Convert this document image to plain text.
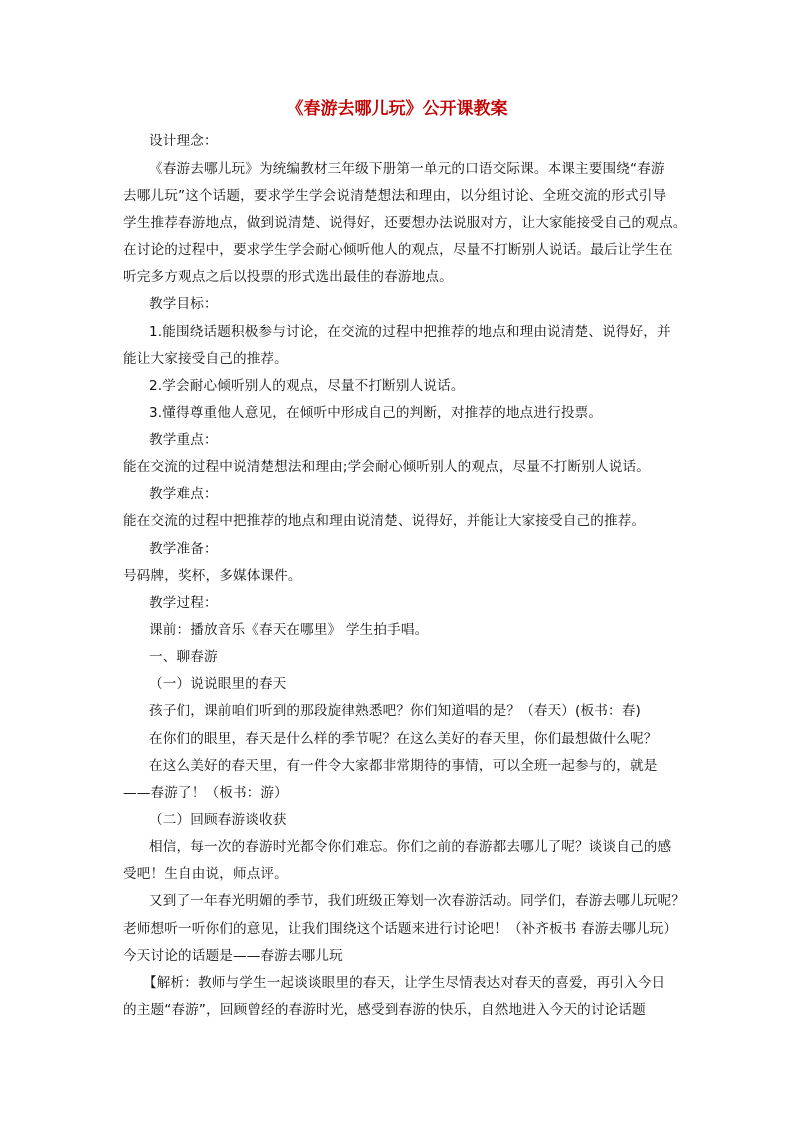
《春游去哪儿玩》公开课教案
设计理念：
《春游去哪儿玩》为统编教材三年级下册第一单元的口语交际课。本课主要围绕“春游
去哪儿玩”这个话题，要求学生学会说清楚想法和理由，以分组讨论、全班交流的形式引导
学生推荐春游地点，做到说清楚、说得好，还要想办法说服对方，让大家能接受自己的观点。
在讨论的过程中，要求学生学会耐心倾听他人的观点，尽量不打断别人说话。最后让学生在
听完多方观点之后以投票的形式选出最佳的春游地点。
教学目标：
1.能围绕话题积极参与讨论，在交流的过程中把推荐的地点和理由说清楚、说得好，并
能让大家接受自己的推荐。
2.学会耐心倾听别人的观点，尽量不打断别人说话。
3.懂得尊重他人意见，在倾听中形成自己的判断，对推荐的地点进行投票。
教学重点：
能在交流的过程中说清楚想法和理由;学会耐心倾听别人的观点，尽量不打断别人说话。
教学难点：
能在交流的过程中把推荐的地点和理由说清楚、说得好，并能让大家接受自己的推荐。
教学准备：
号码牌，奖杯，多媒体课件。
教学过程：
课前：播放音乐《春天在哪里》 学生拍手唱。
一、聊春游
（一）说说眼里的春天
孩子们，课前咱们听到的那段旋律熟悉吧？你们知道唱的是？（春天）(板书：春)
在你们的眼里，春天是什么样的季节呢？在这么美好的春天里，你们最想做什么呢？
在这么美好的春天里，有一件令大家都非常期待的事情，可以全班一起参与的，就是
——春游了！（板书：游）
（二）回顾春游谈收获
相信，每一次的春游时光都令你们难忘。你们之前的春游都去哪儿了呢？谈谈自己的感
受吧！生自由说，师点评。
又到了一年春光明媚的季节，我们班级正筹划一次春游活动。同学们，春游去哪儿玩呢？
老师想听一听你们的意见，让我们围绕这个话题来进行讨论吧！（补齐板书 春游去哪儿玩）
今天讨论的话题是——春游去哪儿玩
【解析：教师与学生一起谈谈眼里的春天，让学生尽情表达对春天的喜爱，再引入今日
的主题“春游”，回顾曾经的春游时光，感受到春游的快乐，自然地进入今天的讨论话题
